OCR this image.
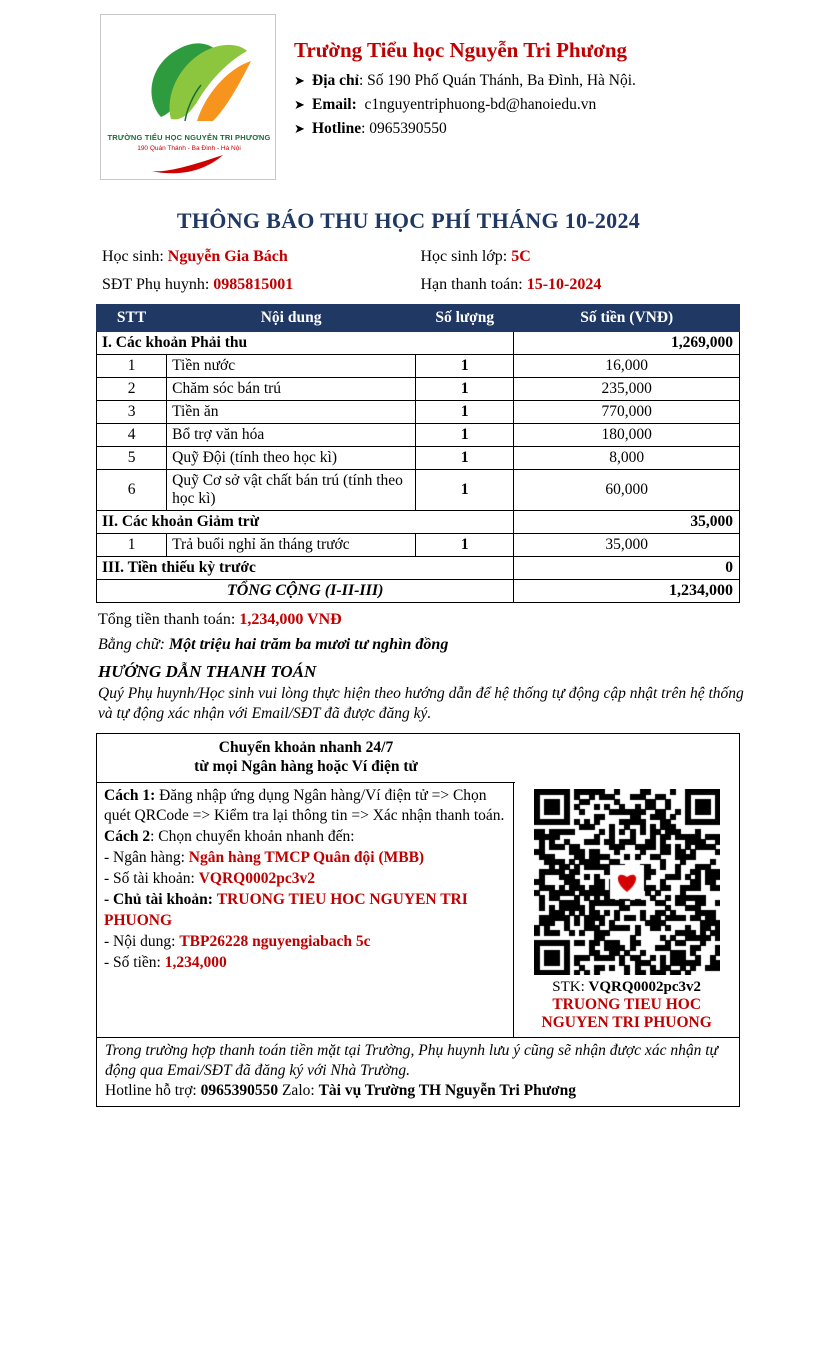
TRƯỜNG TIỂU HỌC NGUYỄN TRI PHƯƠNG
190 Quán Thánh - Ba Đình - Hà Nội
Trường Tiểu học Nguyễn Tri Phương
➤ Địa chỉ: Số 190 Phố Quán Thánh, Ba Đình, Hà Nội.
➤ Email: c1nguyentriphuong-bd@hanoiedu.vn
➤ Hotline: 0965390550
THÔNG BÁO THU HỌC PHÍ THÁNG 10-2024
Học sinh: Nguyễn Gia Bách	Học sinh lớp: 5C
SĐT Phụ huynh: 0985815001	Hạn thanh toán: 15-10-2024
STT	Nội dung	Số lượng	Số tiền (VNĐ)
I. Các khoản Phải thu			1,269,000
1	Tiền nước	1	16,000
2	Chăm sóc bán trú	1	235,000
3	Tiền ăn	1	770,000
4	Bổ trợ văn hóa	1	180,000
5	Quỹ Đội (tính theo học kì)	1	8,000
6	Quỹ Cơ sở vật chất bán trú (tính theo học kì)	1	60,000
II. Các khoản Giảm trừ			35,000
1	Trả buổi nghỉ ăn tháng trước	1	35,000
III. Tiền thiếu kỳ trước			0
TỔNG CỘNG (I-II-III)			1,234,000
Tổng tiền thanh toán: 1,234,000 VNĐ
Bằng chữ: Một triệu hai trăm ba mươi tư nghìn đồng
HƯỚNG DẪN THANH TOÁN
Quý Phụ huynh/Học sinh vui lòng thực hiện theo hướng dẫn để hệ thống tự động cập nhật trên hệ thống và tự động xác nhận với Email/SĐT đã được đăng ký.
Chuyển khoản nhanh 24/7
từ mọi Ngân hàng hoặc Ví điện tử

Cách 1: Đăng nhập ứng dụng Ngân hàng/Ví điện tử => Chọn quét QRCode => Kiểm tra lại thông tin => Xác nhận thanh toán.

Cách 2: Chọn chuyển khoản nhanh đến:

- Ngân hàng: Ngân hàng TMCP Quân đội (MBB)

- Số tài khoản: VQRQ0002pc3v2

- Chủ tài khoản: TRUONG TIEU HOC NGUYEN TRI PHUONG

- Nội dung: TBP26228 nguyengiabach 5c

- Số tiền: 1,234,000

STK: VQRQ0002pc3v2
TRUONG TIEU HOC
NGUYEN TRI PHUONG
Trong trường hợp thanh toán tiền mặt tại Trường, Phụ huynh lưu ý cũng sẽ nhận được xác nhận tự động qua Emai/SĐT đã đăng ký với Nhà Trường.
Hotline hỗ trợ: 0965390550 Zalo: Tài vụ Trường TH Nguyễn Tri Phương
